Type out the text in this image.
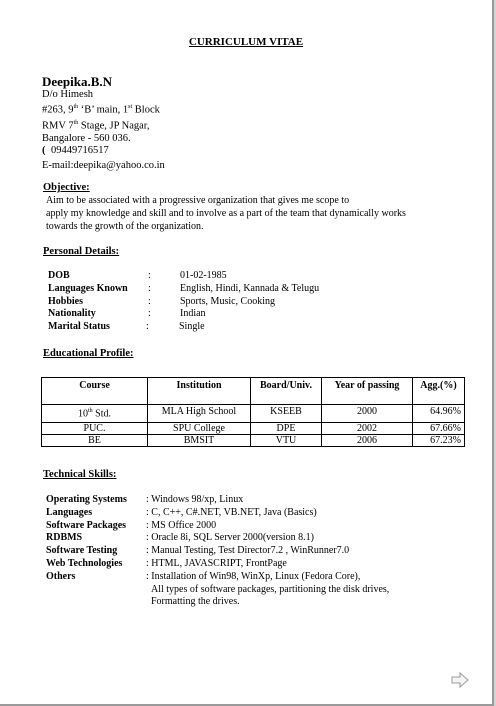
CURRICULUM VITAE
Deepika.B.N
D/o Himesh
#263, 9th ‘B’ main, 1st Block
RMV 7th Stage, JP Nagar,
Bangalore - 560 036.
( 09449716517
E-mail:deepika@yahoo.co.in
Objective:
Aim to be associated with a progressive organization that gives me scope to
apply my knowledge and skill and to involve as a part of the team that dynamically works
towards the growth of the organization.
Personal Details:
DOB	:	01-02-1985
Languages Known :	English, Hindi, Kannada & Telugu
Hobbies	:	Sports, Music, Cooking
Nationality	:	Indian
Marital Status	:	Single
Educational Profile:
Course	Institution	Board/Univ.	Year of passing	Agg.(%)
10th Std.	MLA High School	KSEEB	2000	64.96%
PUC.	SPU College	DPE	2002	67.66%
BE	BMSIT	VTU	2006	67.23%
Technical Skills:
Operating Systems : Windows 98/xp, Linux
Languages	: C, C++, C#.NET, VB.NET, Java (Basics)
Software Packages : MS Office 2000
RDBMS	: Oracle 8i, SQL Server 2000(version 8.1)
Software Testing	: Manual Testing, Test Director7.2 , WinRunner7.0
Web Technologies : HTML, JAVASCRIPT, FrontPage
Others	: Installation of Win98, WinXp, Linux (Fedora Core),
All types of software packages, partitioning the disk drives,
Formatting the drives.
